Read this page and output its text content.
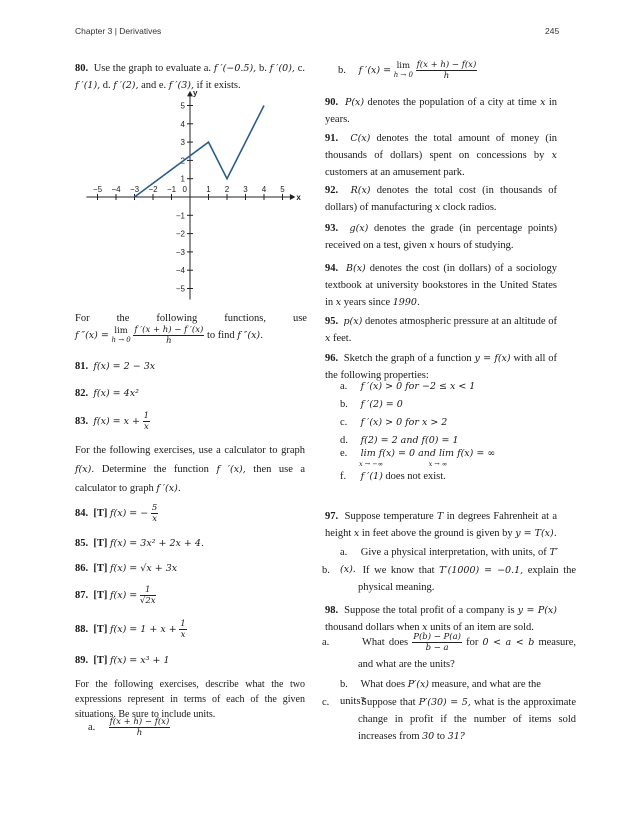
Chapter 3 | Derivatives	245
80. Use the graph to evaluate a. f ′(−0.5), b. f ′(0), c. f ′(1), d. f ′(2), and e. f ′(3), if it exists.
x
y
−5 −4 −3 −2 −1	1 2 3 4 5
0
1
−1
2
−2
3
−3
4
−4
5
−5
For	the	following	functions,	use
f ″(x) = lim
h → 0
$\frac{f '(x + h) - f '(x)}{h}$ to find f ″(x).
81. f(x) = 2 − 3x
82. f(x) = 4x²
83. $f(x) = x + \frac{1}{x}$
For the following exercises, use a calculator to graph f(x). Determine the function f ′(x), then use a calculator to graph f ′(x).
84. [T] f(x) = − $\frac{5}{x}$
85. [T] f(x) = 3x² + 2x + 4.
86. [T] f(x) = √x + 3x
87. [T] $f(x) = \frac{1}{√2x}$
88. [T] $f(x) = 1 + x + \frac{1}{x}$
89. [T] f(x) = x³ + 1
For the following exercises, describe what the two expressions represent in terms of each of the given situations. Be sure to include units.
a. $\frac{f(x + h) - f(x)}{h}$
b. f ′(x) = lim
h → 0
$\frac{f(x + h) - f(x)}{h}$
90. P(x) denotes the population of a city at time x in years.
91. C(x) denotes the total amount of money (in thousands of dollars) spent on concessions by x customers at an amusement park.
92. R(x) denotes the total cost (in thousands of dollars) of manufacturing x clock radios.
93. g(x) denotes the grade (in percentage points) received on a test, given x hours of studying.
94. B(x) denotes the cost (in dollars) of a sociology textbook at university bookstores in the United States in x years since 1990.
95. p(x) denotes atmospheric pressure at an altitude of x feet.
96. Sketch the graph of a function y = f(x) with all of the following properties:
a. f ′(x) > 0 for −2 ≤ x < 1
b. f ′(2) = 0
c. f ′(x) > 0 for x > 2
d. f(2) = 2 and f(0) = 1
e. lim f(x) = 0 and lim f(x) = ∞
x → −∞	x → ∞
f. f ′(1) does not exist.
97. Suppose temperature T in degrees Fahrenheit at a height x in feet above the ground is given by y = T(x).
a. Give a physical interpretation, with units, of T′(x).
b.	If we know that T′(1000) = −0.1, explain the physical meaning.
98. Suppose the total profit of a company is y = P(x) thousand dollars when x units of an item are sold.
a.	What does $\frac{P(b) - P(a)}{b - a}$ for 0 < a < b measure, and what are the units?
b. What does P′(x) measure, and what are the units?
c.	Suppose that P′(30) = 5, what is the approximate change in profit if the number of items sold increases from 30 to 31?
